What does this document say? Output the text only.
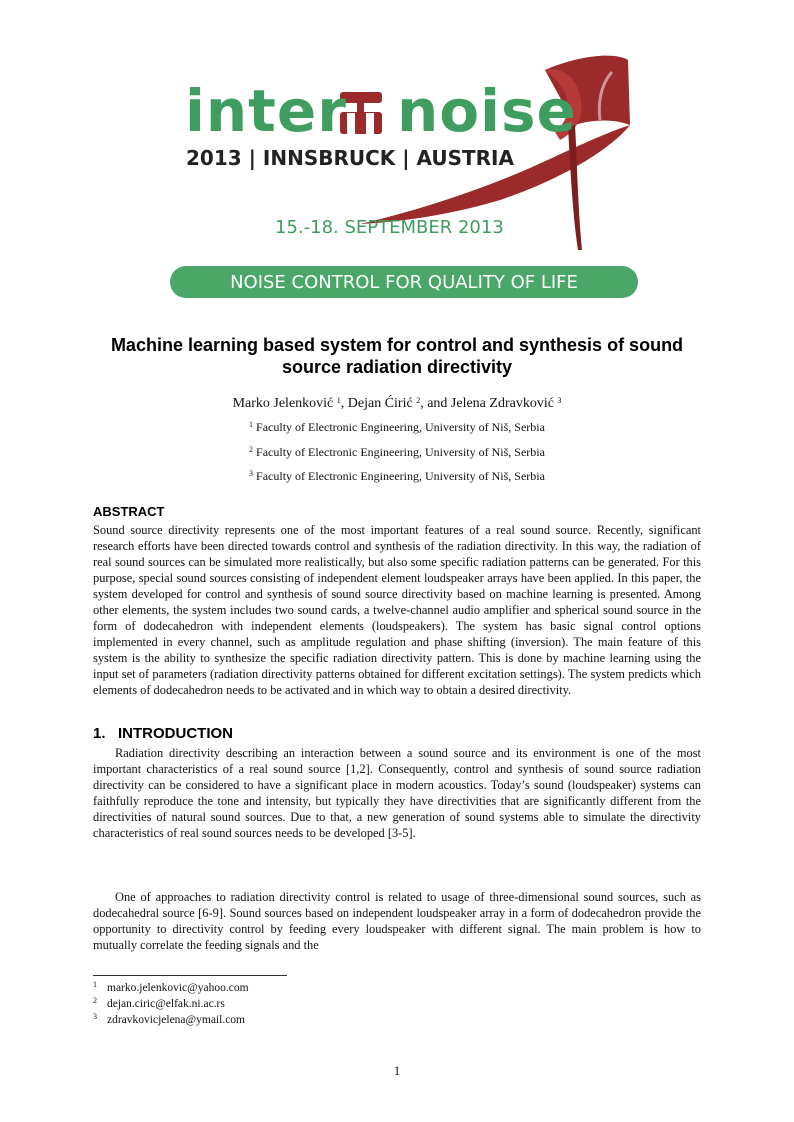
inter noise
2013 | INNSBRUCK | AUSTRIA
15.-18. SEPTEMBER 2013
NOISE CONTROL FOR QUALITY OF LIFE
Machine learning based system for control and synthesis of sound source radiation directivity
Marko Jelenković $^1$, Dejan Ćirić $^2$, and Jelena Zdravković $^3$
$^1$ Faculty of Electronic Engineering, University of Niš, Serbia
$^2$ Faculty of Electronic Engineering, University of Niš, Serbia
$^3$ Faculty of Electronic Engineering, University of Niš, Serbia
ABSTRACT

Sound source directivity represents one of the most important features of a real sound source. Recently, significant research efforts have been directed towards control and synthesis of the radiation directivity. In this way, the radiation of real sound sources can be simulated more realistically, but also some specific radiation patterns can be generated. For this purpose, special sound sources consisting of independent element loudspeaker arrays have been applied. In this paper, the system developed for control and synthesis of sound source directivity based on machine learning is presented. Among other elements, the system includes two sound cards, a twelve-channel audio amplifier and spherical sound source in the form of dodecahedron with independent elements (loudspeakers). The system has basic signal control options implemented in every channel, such as amplitude regulation and phase shifting (inversion). The main feature of this system is the ability to synthesize the specific radiation directivity pattern. This is done by machine learning using the input set of parameters (radiation directivity patterns obtained for different excitation settings). The system predicts which elements of dodecahedron needs to be activated and in which way to obtain a desired directivity.

1.   INTRODUCTION

Radiation directivity describing an interaction between a sound source and its environment is one of the most important characteristics of a real sound source [1,2]. Consequently, control and synthesis of sound source radiation directivity can be considered to have a significant place in modern acoustics. Today’s sound (loudspeaker) systems can faithfully reproduce the tone and intensity, but typically they have directivities that are significantly different from the directivities of natural sound sources. Due to that, a new generation of sound systems able to simulate the directivity characteristics of real sound sources needs to be developed [3-5].

One of approaches to radiation directivity control is related to usage of three-dimensional sound sources, such as dodecahedral source [6-9]. Sound sources based on independent loudspeaker array in a form of dodecahedron provide the opportunity to directivity control by feeding every loudspeaker with different signal. The main problem is how to mutually correlate the feeding signals and the

1 marko.jelenkovic@yahoo.com
2 dejan.ciric@elfak.ni.ac.rs
3 zdravkovicjelena@ymail.com
1
